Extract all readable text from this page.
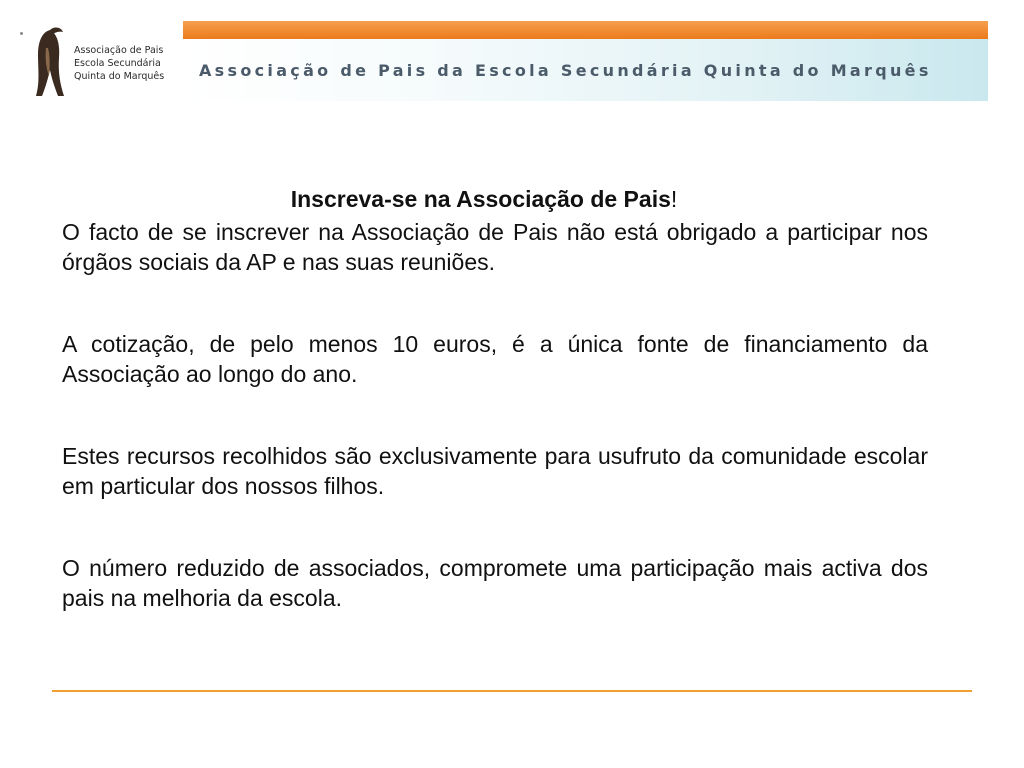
Associação de Pais
Escola Secundária
Quinta do Marquês Associação de Pais da Escola Secundária Quinta do Marquês
Inscreva-se na Associação de Pais!

O facto de se inscrever na Associação de Pais não está obrigado a participar nos órgãos sociais da AP e nas suas reuniões.

A cotização, de pelo menos 10 euros, é a única fonte de financiamento da Associação ao longo do ano.

Estes recursos recolhidos são exclusivamente para usufruto da comunidade escolar em particular dos nossos filhos.

O número reduzido de associados, compromete uma participação mais activa dos pais na melhoria da escola.
